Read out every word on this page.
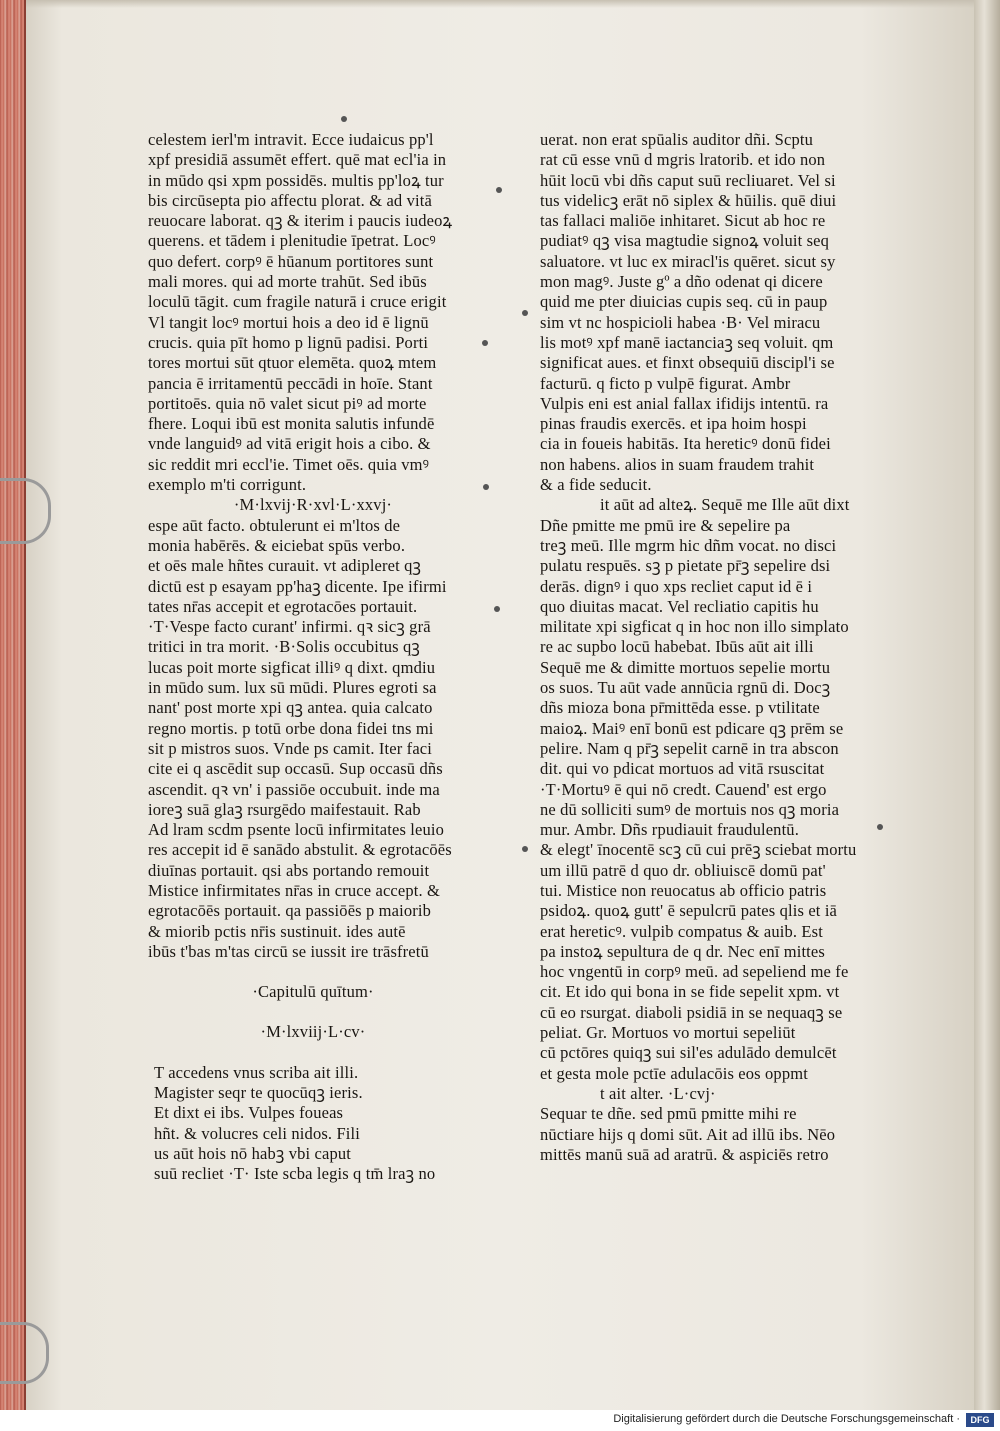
celestem ierl'm intravit. Ecce iudaicus pp'l
xpf presidiā assumēt effert. quē mat ecl'ia in
in mūdo qsi xpm possidēs. multis pp'loꝝ tur
bis circūsepta pio affectu plorat. & ad vitā
reuocare laborat. qꝫ & iterim i paucis iudeoꝝ
querens. et tādem i plenitudie īpetrat. Locꝰ
quo defert. corpꝰ ē hūanum portitores sunt
mali mores. qui ad morte trahūt. Sed ibūs
loculū tāgit. cum fragile naturā i cruce erigit
Vl tangit locꝰ mortui hois a deo id ē lignū
crucis. quia pīt homo p lignū padisi. Porti
tores mortui sūt qtuor elemēta. quoꝝ mtem
pancia ē irritamentū peccādi in hoīe. Stant
portitoēs. quia nō valet sicut piꝰ ad morte
fhere. Loqui ibū est monita salutis infundē
vnde languidꝰ ad vitā erigit hois a cibo. &
sic reddit mri eccl'ie. Timet oēs. quia vmꝰ
exemplo m'ti corrigunt.
·M·lxvij·R·xvl·L·xxvj·
espe aūt facto. obtulerunt ei m'ltos de
monia habērēs. & eiciebat spūs verbo.
et oēs male hñtes curauit. vt adipleret qꝫ
dictū est p esayam pp'haꝫ dicente. Ipe ifirmi
tates nr̄as accepit et egrotacōes portauit.
·T·Vespe facto curant' infirmi. qꝛ sicꝫ grā
tritici in tra morit. ·B·Solis occubitus qꝫ
lucas poit morte sigficat illiꝰ q dixt. qmdiu
in mūdo sum. lux sū mūdi. Plures egroti sa
nant' post morte xpi qꝫ antea. quia calcato
regno mortis. p totū orbe dona fidei tns mi
sit p mistros suos. Vnde ps camit. Iter faci
cite ei q ascēdit sup occasū. Sup occasū dñs
ascendit. qꝛ vn' i passiōe occubuit. inde ma
ioreꝫ suā glaꝫ rsurgēdo maifestauit. Rab
Ad lram scdm psente locū infirmitates leuio
res accepit id ē sanādo abstulit. & egrotacōēs
diuīnas portauit. qsi abs portando remouit
Mistice infirmitates nr̄as in cruce accept. &
egrotacōēs portauit. qa passiōēs p maiorib
& miorib pctis nr̄is sustinuit. ides autē
ibūs t'bas m'tas circū se iussit ire trāsfretū
·Capitulū quītum·
·M·lxviij·L·cv·
T accedens vnus scriba ait illi.
Magister seqr te quocūqꝫ ieris.
Et dixt ei ibs. Vulpes foueas
hñt. & volucres celi nidos. Fili
us aūt hois nō habꝫ vbi caput
suū recliet ·T· Iste scba legis q tm̄ lraꝫ no
uerat. non erat spūalis auditor dñi. Scptu
rat cū esse vnū d mgris lratorib. et ido non
hūit locū vbi dñs caput suū recliuaret. Vel si
tus videlicꝫ erāt nō siplex & hūilis. quē diui
tas fallaci maliōe inhitaret. Sicut ab hoc re
pudiatꝰ qꝫ visa magtudie signoꝝ voluit seq
saluatore. vt luc ex miracl'is quēret. sicut sy
mon magꝰ. Juste gº a dño odenat qi dicere
quid me pter diuicias cupis seq. cū in paup
sim vt nc hospicioli habea ·B· Vel miracu
lis motꝰ xpf manē iactanciaꝫ seq voluit. qm
significat aues. et finxt obsequiū discipl'i se
facturū. q ficto p vulpē figurat. Ambr
Vulpis eni est anial fallax ifidijs intentū. ra
pinas fraudis exercēs. et ipa hoim hospi
cia in foueis habitās. Ita hereticꝰ donū fidei
non habens. alios in suam fraudem trahit
& a fide seducit.
it aūt ad alteꝝ. Sequē me Ille aūt dixt
Dñe pmitte me pmū ire & sepelire pa
treꝫ meū. Ille mgrm hic dñm vocat. no disci
pulatu respuēs. sꝫ p pietate pr̄ꝫ sepelire dsi
derās. dignꝰ i quo xps recliet caput id ē i
quo diuitas macat. Vel recliatio capitis hu
militate xpi sigficat q in hoc non illo simplato
re ac supbo locū habebat. Ibūs aūt ait illi
Sequē me & dimitte mortuos sepelie mortu
os suos. Tu aūt vade annūcia rgnū di. Docꝫ
dñs mioza bona pr̄mittēda esse. p vtilitate
maioꝝ. Maiꝰ enī bonū est pdicare qꝫ prēm se
pelire. Nam q pr̄ꝫ sepelit carnē in tra abscon
dit. qui vo pdicat mortuos ad vitā rsuscitat
·T·Mortuꝰ ē qui nō credt. Cauend' est ergo
ne dū solliciti sumꝰ de mortuis nos qꝫ moria
mur. Ambr. Dñs rpudiauit fraudulentū.
& elegt' īnocentē scꝫ cū cui prēꝫ sciebat mortu
um illū patrē d quo dr. obliuiscē domū pat'
tui. Mistice non reuocatus ab officio patris
psidoꝝ. quoꝝ gutt' ē sepulcrū pates qlis et iā
erat hereticꝰ. vulpib compatus & auib. Est
pa instoꝝ sepultura de q dr. Nec enī mittes
hoc vngentū in corpꝰ meū. ad sepeliend me fe
cit. Et ido qui bona in se fide sepelit xpm. vt
cū eo rsurgat. diaboli psidiā in se nequaqꝫ se
peliat. Gr. Mortuos vo mortui sepeliūt
cū pctōres quiqꝫ sui sil'es adulādo demulcēt
et gesta mole pctīe adulacōis eos oppmt
t ait alter. ·L·cvj·
Sequar te dñe. sed pmū pmitte mihi re
nūctiare hijs q domi sūt. Ait ad illū ibs. Nēo
mittēs manū suā ad aratrū. & aspiciēs retro
Digitalisierung gefördert durch die Deutsche Forschungsgemeinschaft ·	DFG
